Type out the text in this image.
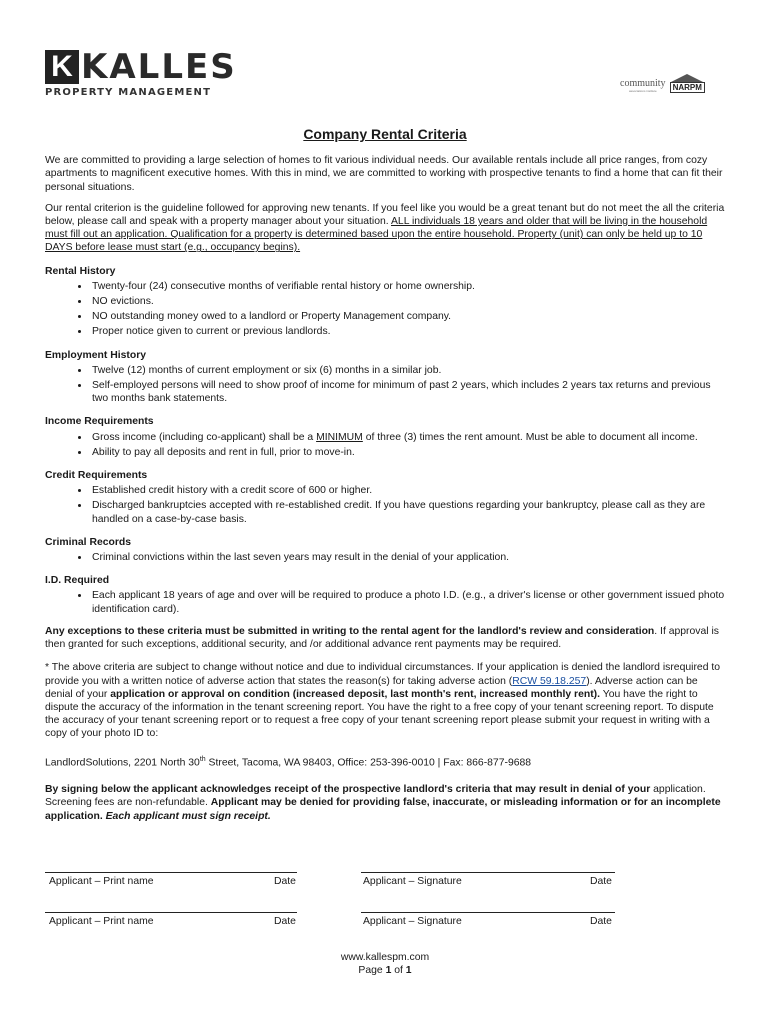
K KALLES
PROPERTY MANAGEMENT
community
associations institute	NARPM
Company Rental Criteria

We are committed to providing a large selection of homes to fit various individual needs. Our available rentals include all price ranges, from cozy apartments to magnificent executive homes. With this in mind, we are committed to working with prospective tenants to find a home that can fit their personal situations.

Our rental criterion is the guideline followed for approving new tenants. If you feel like you would be a great tenant but do not meet the all the criteria below, please call and speak with a property manager about your situation. ALL individuals 18 years and older that will be living in the household must fill out an application. Qualification for a property is determined based upon the entire household. Property (unit) can only be held up to 10 DAYS before lease must start (e.g., occupancy begins).

Rental History
• Twenty-four (24) consecutive months of verifiable rental history or home ownership.
• NO evictions.
• NO outstanding money owed to a landlord or Property Management company.
• Proper notice given to current or previous landlords.
Employment History
• Twelve (12) months of current employment or six (6) months in a similar job.
• Self-employed persons will need to show proof of income for minimum of past 2 years, which includes 2 years tax returns and previous two months bank statements.
Income Requirements
• Gross income (including co-applicant) shall be a MINIMUM of three (3) times the rent amount. Must be able to document all income.
• Ability to pay all deposits and rent in full, prior to move-in.
Credit Requirements
• Established credit history with a credit score of 600 or higher.
• Discharged bankruptcies accepted with re-established credit. If you have questions regarding your bankruptcy, please call as they are handled on a case-by-case basis.
Criminal Records
• Criminal convictions within the last seven years may result in the denial of your application.
I.D. Required
• Each applicant 18 years of age and over will be required to produce a photo I.D. (e.g., a driver's license or other government issued photo identification card).

Any exceptions to these criteria must be submitted in writing to the rental agent for the landlord's review and consideration. If approval is then granted for such exceptions, additional security, and /or additional advance rent payments may be required.

* The above criteria are subject to change without notice and due to individual circumstances. If your application is denied the landlord isrequired to provide you with a written notice of adverse action that states the reason(s) for taking adverse action (RCW 59.18.257). Adverse action can be denial of your application or approval on condition (increased deposit, last month's rent, increased monthly rent). You have the right to dispute the accuracy of the information in the tenant screening report. You have the right to a free copy of your tenant screening report. To dispute the accuracy of your tenant screening report or to request a free copy of your tenant screening report please submit your request in writing with a copy of your photo ID to:

LandlordSolutions, 2201 North 30th Street, Tacoma, WA 98403, Office: 253-396-0010 | Fax: 866-877-9688

By signing below the applicant acknowledges receipt of the prospective landlord's criteria that may result in denial of your application. Screening fees are non-refundable. Applicant may be denied for providing false, inaccurate, or misleading information or for an incomplete application. Each applicant must sign receipt.

Applicant – Print name	Date	Applicant – Signature	Date
Applicant – Print name	Date	Applicant – Signature	Date
www.kallespm.com
Page 1 of 1
